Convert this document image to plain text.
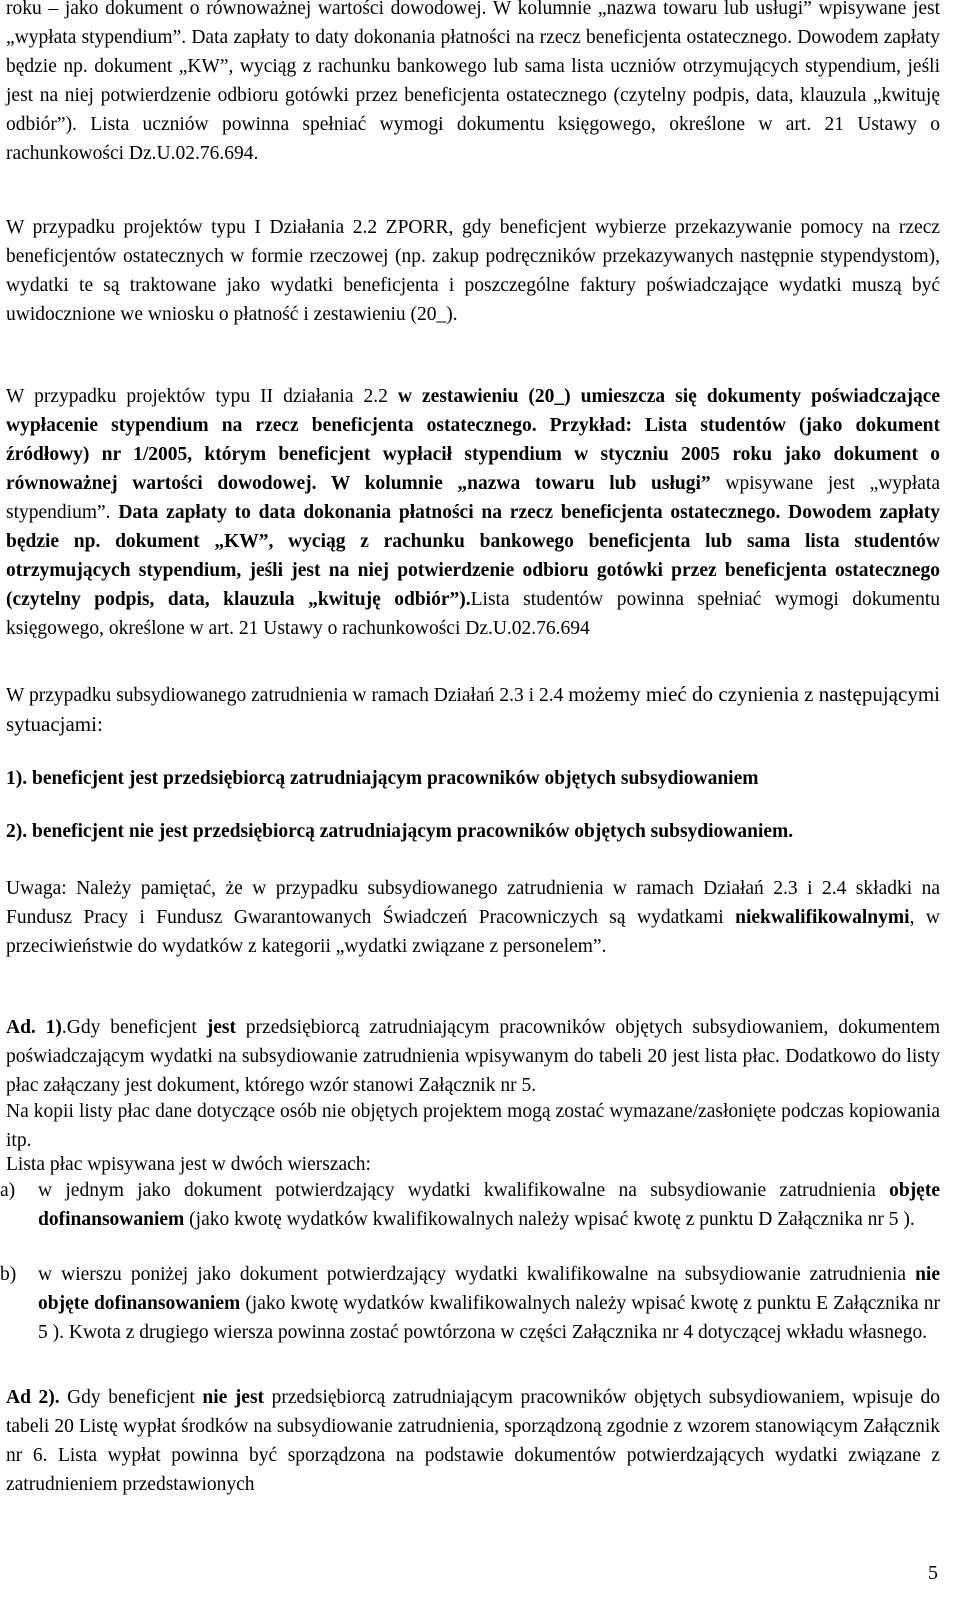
roku – jako dokument o równoważnej wartości dowodowej. W kolumnie „nazwa towaru lub usługi” wpisywane jest „wypłata stypendium”. Data zapłaty to daty dokonania płatności na rzecz beneficjenta ostatecznego. Dowodem zapłaty będzie np. dokument „KW”, wyciąg z rachunku bankowego lub sama lista uczniów otrzymujących stypendium, jeśli jest na niej potwierdzenie odbioru gotówki przez beneficjenta ostatecznego (czytelny podpis, data, klauzula „kwituję odbiór”). Lista uczniów powinna spełniać wymogi dokumentu księgowego, określone w art. 21 Ustawy o rachunkowości Dz.U.02.76.694.
W przypadku projektów typu I Działania 2.2 ZPORR, gdy beneficjent wybierze przekazywanie pomocy na rzecz beneficjentów ostatecznych w formie rzeczowej (np. zakup podręczników przekazywanych następnie stypendystom), wydatki te są traktowane jako wydatki beneficjenta i poszczególne faktury poświadczające wydatki muszą być uwidocznione we wniosku o płatność i zestawieniu (20_).
W przypadku projektów typu II działania 2.2 w zestawieniu (20_) umieszcza się dokumenty poświadczające wypłacenie stypendium na rzecz beneficjenta ostatecznego. Przykład: Lista studentów (jako dokument źródłowy) nr 1/2005, którym beneficjent wypłacił stypendium w styczniu 2005 roku jako dokument o równoważnej wartości dowodowej. W kolumnie „nazwa towaru lub usługi” wpisywane jest „wypłata stypendium”. Data zapłaty to data dokonania płatności na rzecz beneficjenta ostatecznego. Dowodem zapłaty będzie np. dokument „KW”, wyciąg z rachunku bankowego beneficjenta lub sama lista studentów otrzymujących stypendium, jeśli jest na niej potwierdzenie odbioru gotówki przez beneficjenta ostatecznego (czytelny podpis, data, klauzula „kwituję odbiór”).Lista studentów powinna spełniać wymogi dokumentu księgowego, określone w art. 21 Ustawy o rachunkowości Dz.U.02.76.694
W przypadku subsydiowanego zatrudnienia w ramach Działań 2.3 i 2.4 możemy mieć do czynienia z następującymi sytuacjami:
1). beneficjent jest przedsiębiorcą zatrudniającym pracowników objętych subsydiowaniem
2). beneficjent nie jest przedsiębiorcą zatrudniającym pracowników objętych subsydiowaniem.
Uwaga: Należy pamiętać, że w przypadku subsydiowanego zatrudnienia w ramach Działań 2.3 i 2.4 składki na Fundusz Pracy i Fundusz Gwarantowanych Świadczeń Pracowniczych są wydatkami niekwalifikowalnymi, w przeciwieństwie do wydatków z kategorii „wydatki związane z personelem”.
Ad. 1).Gdy beneficjent jest przedsiębiorcą zatrudniającym pracowników objętych subsydiowaniem, dokumentem poświadczającym wydatki na subsydiowanie zatrudnienia wpisywanym do tabeli 20 jest lista płac. Dodatkowo do listy płac załączany jest dokument, którego wzór stanowi Załącznik nr 5.
Na kopii listy płac dane dotyczące osób nie objętych projektem mogą zostać wymazane/zasłonięte podczas kopiowania itp.
Lista płac wpisywana jest w dwóch wierszach:
a) w jednym jako dokument potwierdzający wydatki kwalifikowalne na subsydiowanie zatrudnienia objęte dofinansowaniem (jako kwotę wydatków kwalifikowalnych należy wpisać kwotę z punktu D Załącznika nr 5 ).
b) w wierszu poniżej jako dokument potwierdzający wydatki kwalifikowalne na subsydiowanie zatrudnienia nie objęte dofinansowaniem (jako kwotę wydatków kwalifikowalnych należy wpisać kwotę z punktu E Załącznika nr 5 ). Kwota z drugiego wiersza powinna zostać powtórzona w części Załącznika nr 4 dotyczącej wkładu własnego.
Ad 2). Gdy beneficjent nie jest przedsiębiorcą zatrudniającym pracowników objętych subsydiowaniem, wpisuje do tabeli 20 Listę wypłat środków na subsydiowanie zatrudnienia, sporządzoną zgodnie z wzorem stanowiącym Załącznik nr 6. Lista wypłat powinna być sporządzona na podstawie dokumentów potwierdzających wydatki związane z zatrudnieniem przedstawionych
5
